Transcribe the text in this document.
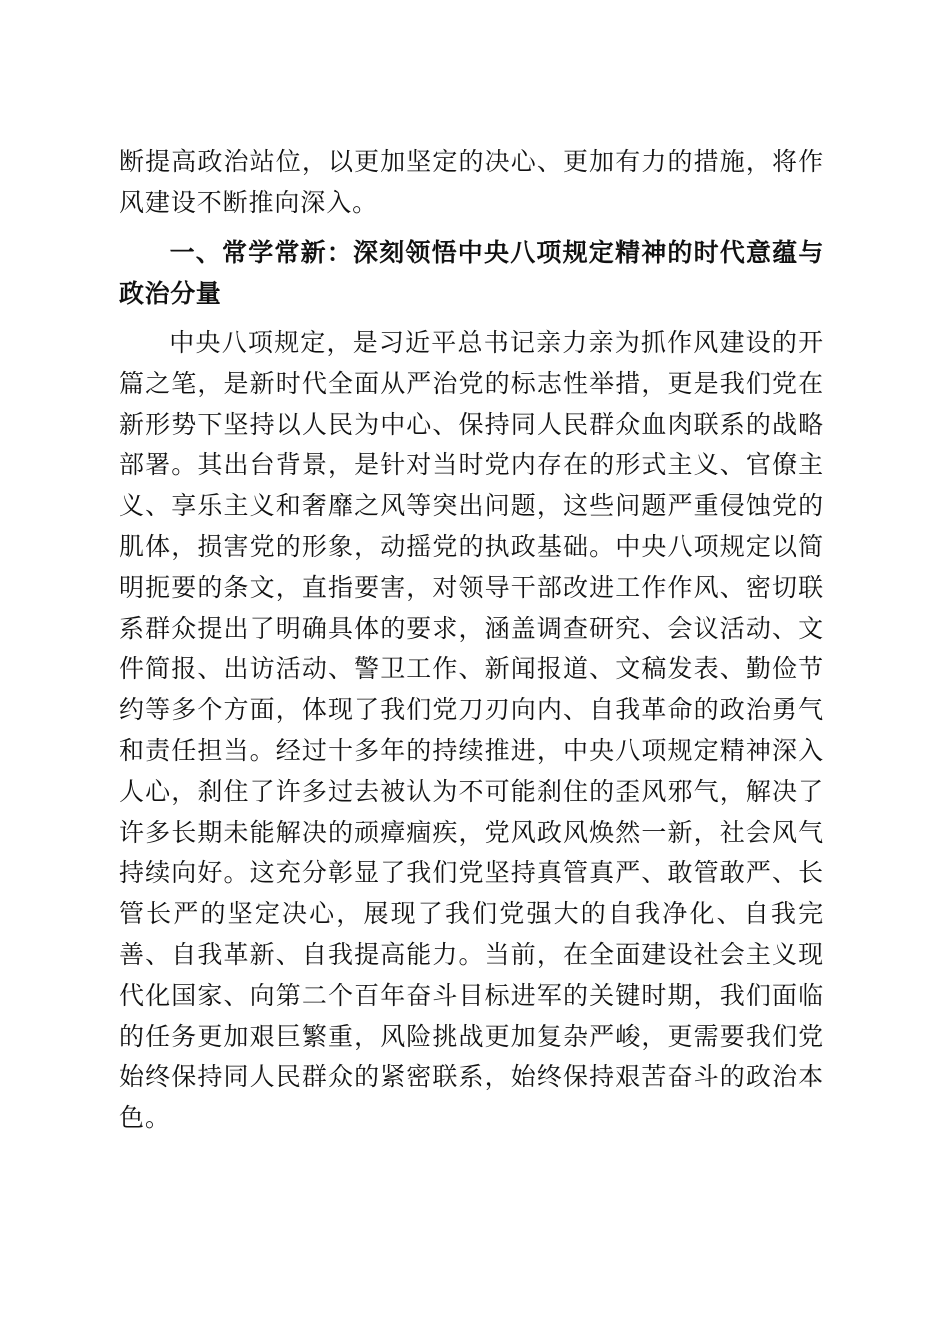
断提高政治站位，以更加坚定的决心、更加有力的措施，将作风建设不断推向深入。

一、常学常新：深刻领悟中央八项规定精神的时代意蕴与政治分量

中央八项规定，是习近平总书记亲力亲为抓作风建设的开篇之笔，是新时代全面从严治党的标志性举措，更是我们党在新形势下坚持以人民为中心、保持同人民群众血肉联系的战略部署。其出台背景，是针对当时党内存在的形式主义、官僚主义、享乐主义和奢靡之风等突出问题，这些问题严重侵蚀党的肌体，损害党的形象，动摇党的执政基础。中央八项规定以简明扼要的条文，直指要害，对领导干部改进工作作风、密切联系群众提出了明确具体的要求，涵盖调查研究、会议活动、文件简报、出访活动、警卫工作、新闻报道、文稿发表、勤俭节约等多个方面，体现了我们党刀刃向内、自我革命的政治勇气和责任担当。经过十多年的持续推进，中央八项规定精神深入人心，刹住了许多过去被认为不可能刹住的歪风邪气，解决了许多长期未能解决的顽瘴痼疾，党风政风焕然一新，社会风气持续向好。这充分彰显了我们党坚持真管真严、敢管敢严、长管长严的坚定决心，展现了我们党强大的自我净化、自我完善、自我革新、自我提高能力。当前，在全面建设社会主义现代化国家、向第二个百年奋斗目标进军的关键时期，我们面临的任务更加艰巨繁重，风险挑战更加复杂严峻，更需要我们党始终保持同人民群众的紧密联系，始终保持艰苦奋斗的政治本色。
